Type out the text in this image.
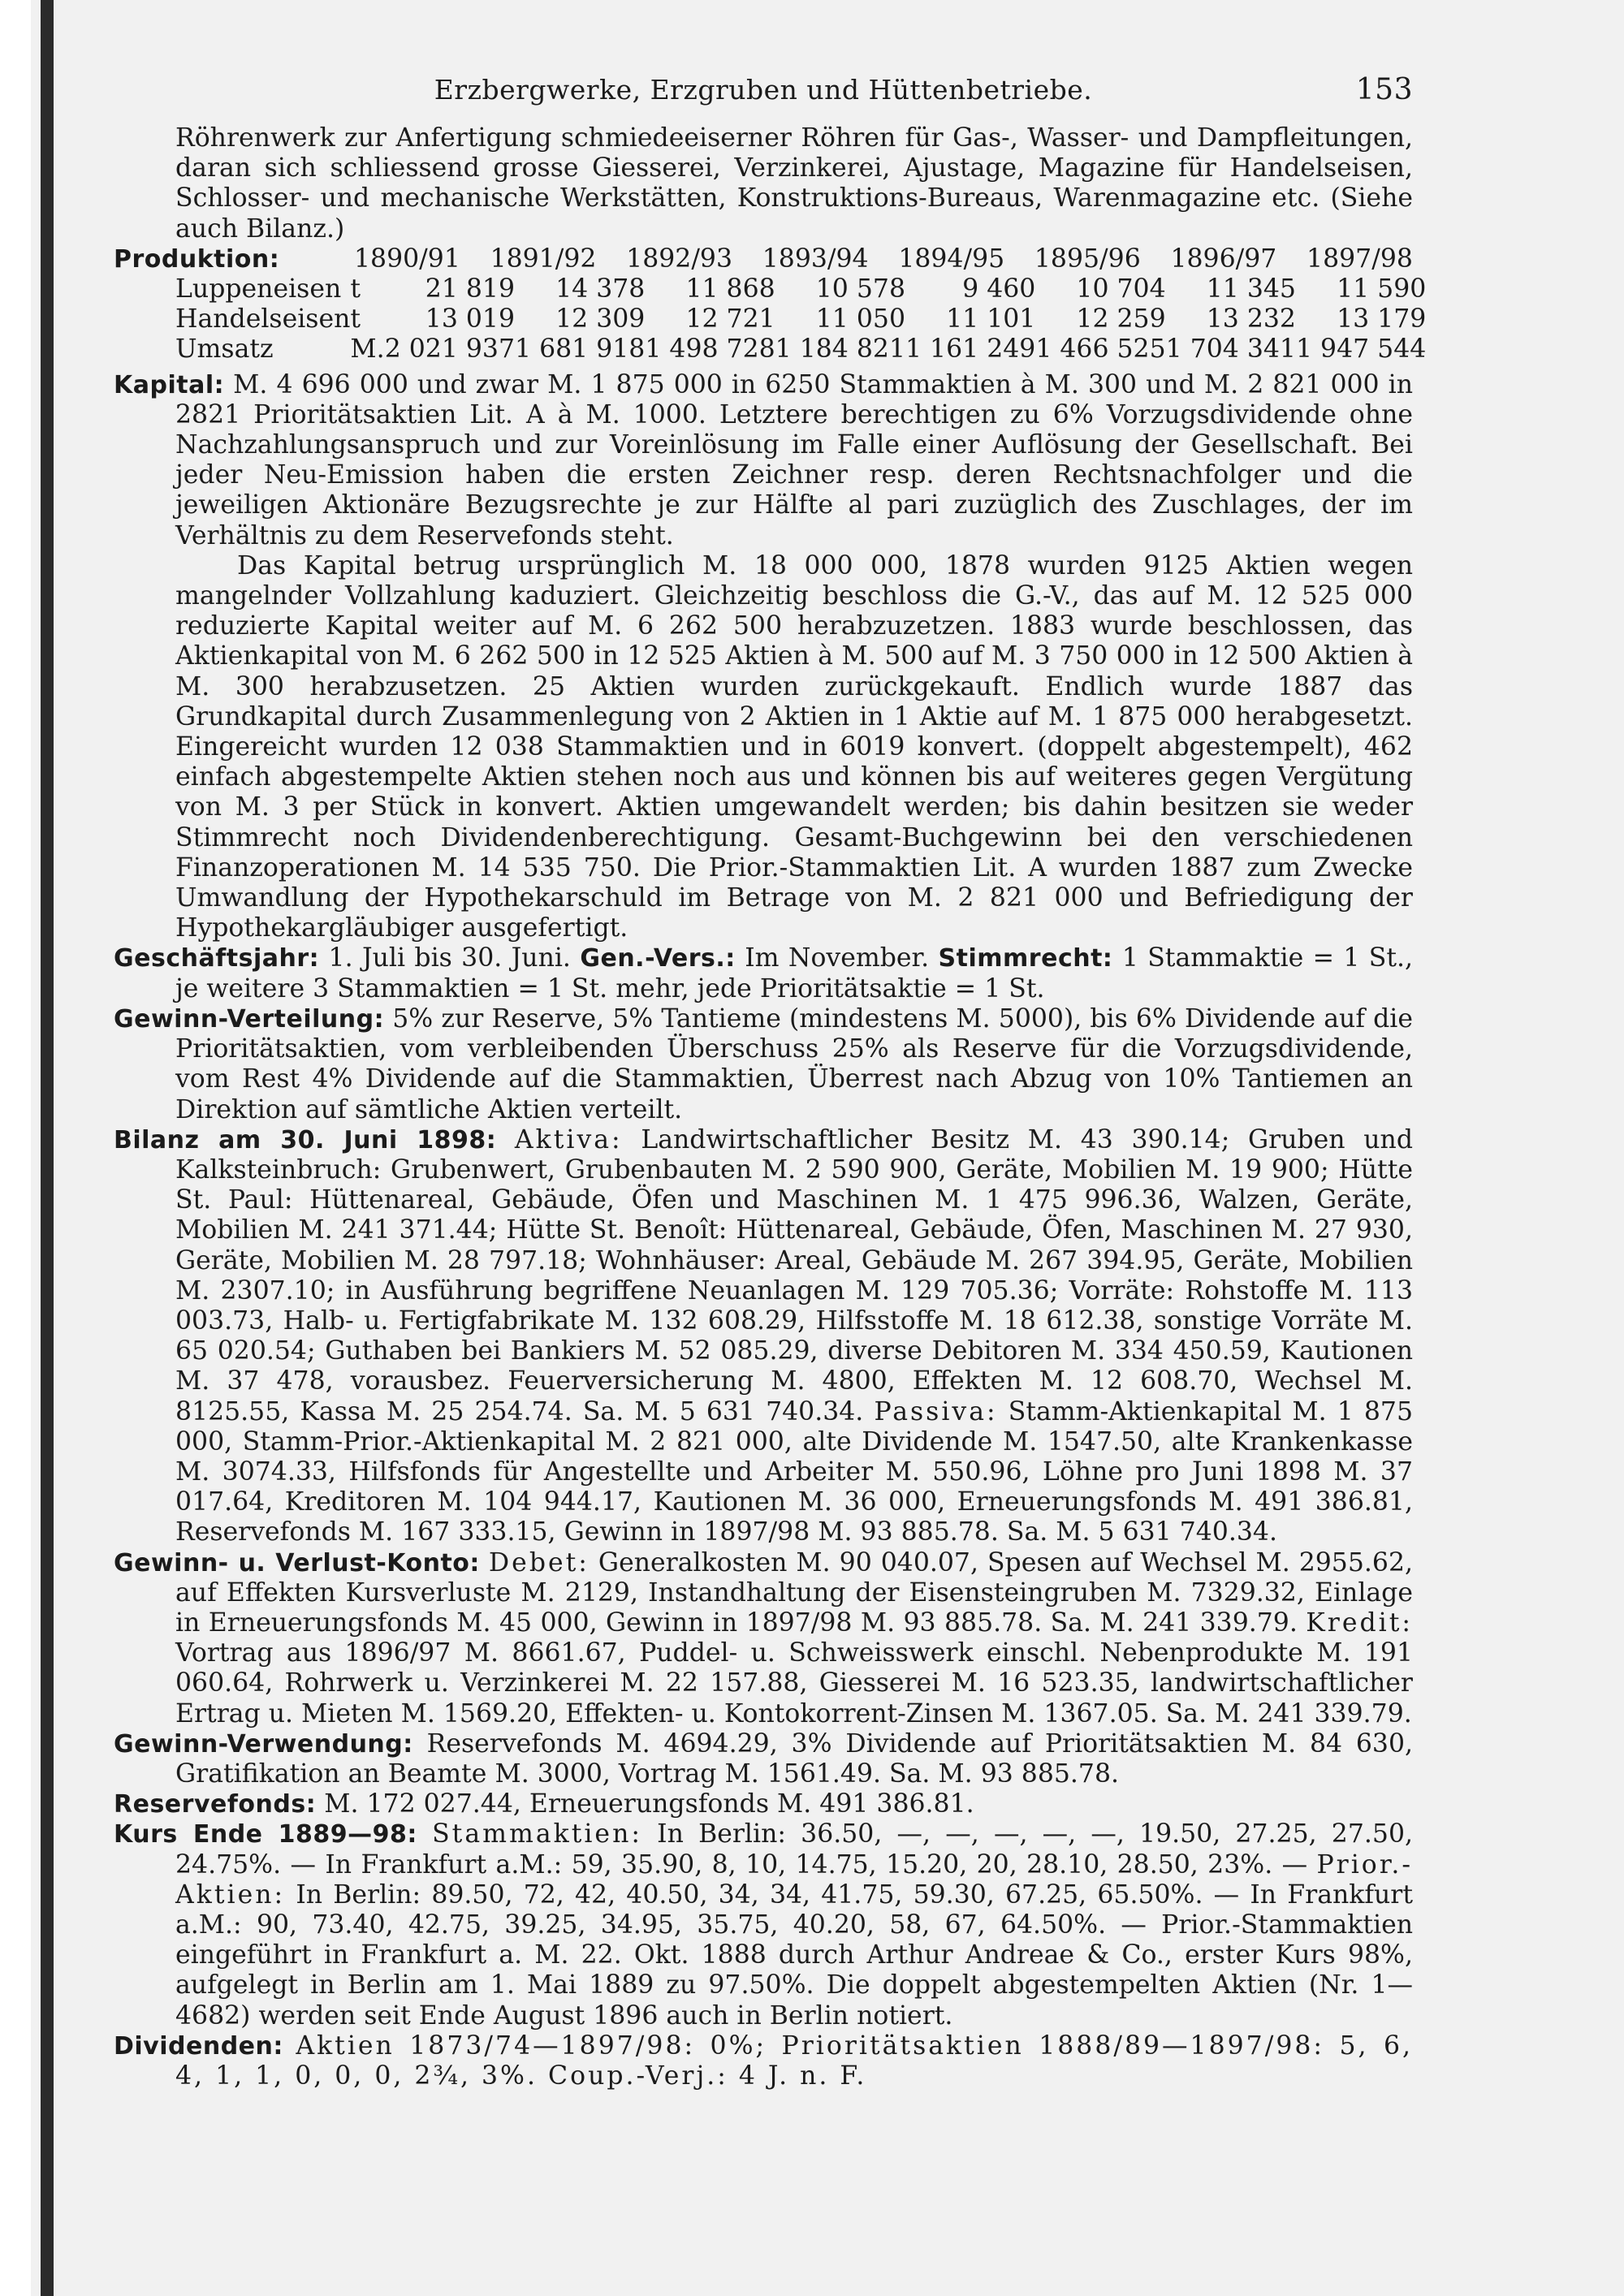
Erzbergwerke, Erzgruben und Hüttenbetriebe.	153

Röhrenwerk zur Anfertigung schmiedeeiserner Röhren für Gas-, Wasser- und Dampfleitungen, daran sich schliessend grosse Giesserei, Verzinkerei, Ajustage, Magazine für Handelseisen, Schlosser- und mechanische Werkstätten, Konstruktions-Bureaus, Warenmagazine etc. (Siehe auch Bilanz.)

Produktion:	1890/91 1891/92 1892/93 1893/94 1894/95 1895/96 1896/97 1897/98
Luppeneisen	t	21 819	14 378	11 868	10 578	9 460	10 704	11 345	11 590
Handelseisen	t	13 019	12 309	12 721	11 050	11 101	12 259	13 232	13 179
Umsatz	M.	2 021 937	1 681 918	1 498 728	1 184 821	1 161 249	1 466 525	1 704 341	1 947 544

Kapital: M. 4 696 000 und zwar M. 1 875 000 in 6250 Stammaktien à M. 300 und M. 2 821 000 in 2821 Prioritätsaktien Lit. A à M. 1000. Letztere berechtigen zu 6% Vorzugsdividende ohne Nachzahlungsanspruch und zur Voreinlösung im Falle einer Auflösung der Gesellschaft. Bei jeder Neu-Emission haben die ersten Zeichner resp. deren Rechtsnachfolger und die jeweiligen Aktionäre Bezugsrechte je zur Hälfte al pari zuzüglich des Zuschlages, der im Verhältnis zu dem Reservefonds steht.

Das Kapital betrug ursprünglich M. 18 000 000, 1878 wurden 9125 Aktien wegen mangelnder Vollzahlung kaduziert. Gleichzeitig beschloss die G.-V., das auf M. 12 525 000 reduzierte Kapital weiter auf M. 6 262 500 herabzuzetzen. 1883 wurde beschlossen, das Aktienkapital von M. 6 262 500 in 12 525 Aktien à M. 500 auf M. 3 750 000 in 12 500 Aktien à M. 300 herabzusetzen. 25 Aktien wurden zurückgekauft. Endlich wurde 1887 das Grundkapital durch Zusammenlegung von 2 Aktien in 1 Aktie auf M. 1 875 000 herabgesetzt. Eingereicht wurden 12 038 Stammaktien und in 6019 konvert. (doppelt abgestempelt), 462 einfach abgestempelte Aktien stehen noch aus und können bis auf weiteres gegen Vergütung von M. 3 per Stück in konvert. Aktien umgewandelt werden; bis dahin besitzen sie weder Stimmrecht noch Dividendenberechtigung. Gesamt-Buchgewinn bei den verschiedenen Finanzoperationen M. 14 535 750. Die Prior.-Stammaktien Lit. A wurden 1887 zum Zwecke Umwandlung der Hypothekarschuld im Betrage von M. 2 821 000 und Befriedigung der Hypothekargläubiger ausgefertigt.

Geschäftsjahr: 1. Juli bis 30. Juni. Gen.-Vers.: Im November. Stimmrecht: 1 Stammaktie = 1 St., je weitere 3 Stammaktien = 1 St. mehr, jede Prioritätsaktie = 1 St.

Gewinn-Verteilung: 5% zur Reserve, 5% Tantieme (mindestens M. 5000), bis 6% Dividende auf die Prioritätsaktien, vom verbleibenden Überschuss 25% als Reserve für die Vorzugsdividende, vom Rest 4% Dividende auf die Stammaktien, Überrest nach Abzug von 10% Tantiemen an Direktion auf sämtliche Aktien verteilt.

Bilanz am 30. Juni 1898: Aktiva: Landwirtschaftlicher Besitz M. 43 390.14; Gruben und Kalksteinbruch: Grubenwert, Grubenbauten M. 2 590 900, Geräte, Mobilien M. 19 900; Hütte St. Paul: Hüttenareal, Gebäude, Öfen und Maschinen M. 1 475 996.36, Walzen, Geräte, Mobilien M. 241 371.44; Hütte St. Benoît: Hüttenareal, Gebäude, Öfen, Maschinen M. 27 930, Geräte, Mobilien M. 28 797.18; Wohnhäuser: Areal, Gebäude M. 267 394.95, Geräte, Mobilien M. 2307.10; in Ausführung begriffene Neuanlagen M. 129 705.36; Vorräte: Rohstoffe M. 113 003.73, Halb- u. Fertigfabrikate M. 132 608.29, Hilfsstoffe M. 18 612.38, sonstige Vorräte M. 65 020.54; Guthaben bei Bankiers M. 52 085.29, diverse Debitoren M. 334 450.59, Kautionen M. 37 478, vorausbez. Feuerversicherung M. 4800, Effekten M. 12 608.70, Wechsel M. 8125.55, Kassa M. 25 254.74. Sa. M. 5 631 740.34. Passiva: Stamm-Aktienkapital M. 1 875 000, Stamm-Prior.-Aktienkapital M. 2 821 000, alte Dividende M. 1547.50, alte Krankenkasse M. 3074.33, Hilfsfonds für Angestellte und Arbeiter M. 550.96, Löhne pro Juni 1898 M. 37 017.64, Kreditoren M. 104 944.17, Kautionen M. 36 000, Erneuerungsfonds M. 491 386.81, Reservefonds M. 167 333.15, Gewinn in 1897/98 M. 93 885.78. Sa. M. 5 631 740.34.

Gewinn- u. Verlust-Konto: Debet: Generalkosten M. 90 040.07, Spesen auf Wechsel M. 2955.62, auf Effekten Kursverluste M. 2129, Instandhaltung der Eisensteingruben M. 7329.32, Einlage in Erneuerungsfonds M. 45 000, Gewinn in 1897/98 M. 93 885.78. Sa. M. 241 339.79. Kredit: Vortrag aus 1896/97 M. 8661.67, Puddel- u. Schweisswerk einschl. Nebenprodukte M. 191 060.64, Rohrwerk u. Verzinkerei M. 22 157.88, Giesserei M. 16 523.35, landwirtschaftlicher Ertrag u. Mieten M. 1569.20, Effekten- u. Kontokorrent-Zinsen M. 1367.05. Sa. M. 241 339.79.

Gewinn-Verwendung: Reservefonds M. 4694.29, 3% Dividende auf Prioritätsaktien M. 84 630, Gratifikation an Beamte M. 3000, Vortrag M. 1561.49. Sa. M. 93 885.78.

Reservefonds: M. 172 027.44, Erneuerungsfonds M. 491 386.81.

Kurs Ende 1889—98: Stammaktien: In Berlin: 36.50, —, —, —, —, —, 19.50, 27.25, 27.50, 24.75%. — In Frankfurt a.M.: 59, 35.90, 8, 10, 14.75, 15.20, 20, 28.10, 28.50, 23%. — Prior.-Aktien: In Berlin: 89.50, 72, 42, 40.50, 34, 34, 41.75, 59.30, 67.25, 65.50%. — In Frankfurt a.M.: 90, 73.40, 42.75, 39.25, 34.95, 35.75, 40.20, 58, 67, 64.50%. — Prior.-Stammaktien eingeführt in Frankfurt a. M. 22. Okt. 1888 durch Arthur Andreae & Co., erster Kurs 98%, aufgelegt in Berlin am 1. Mai 1889 zu 97.50%. Die doppelt abgestempelten Aktien (Nr. 1—4682) werden seit Ende August 1896 auch in Berlin notiert.

Dividenden: Aktien 1873/74—1897/98: 0%; Prioritätsaktien 1888/89—1897/98: 5, 6, 4, 1, 1, 0, 0, 0, 2¾, 3%. Coup.-Verj.: 4 J. n. F.
